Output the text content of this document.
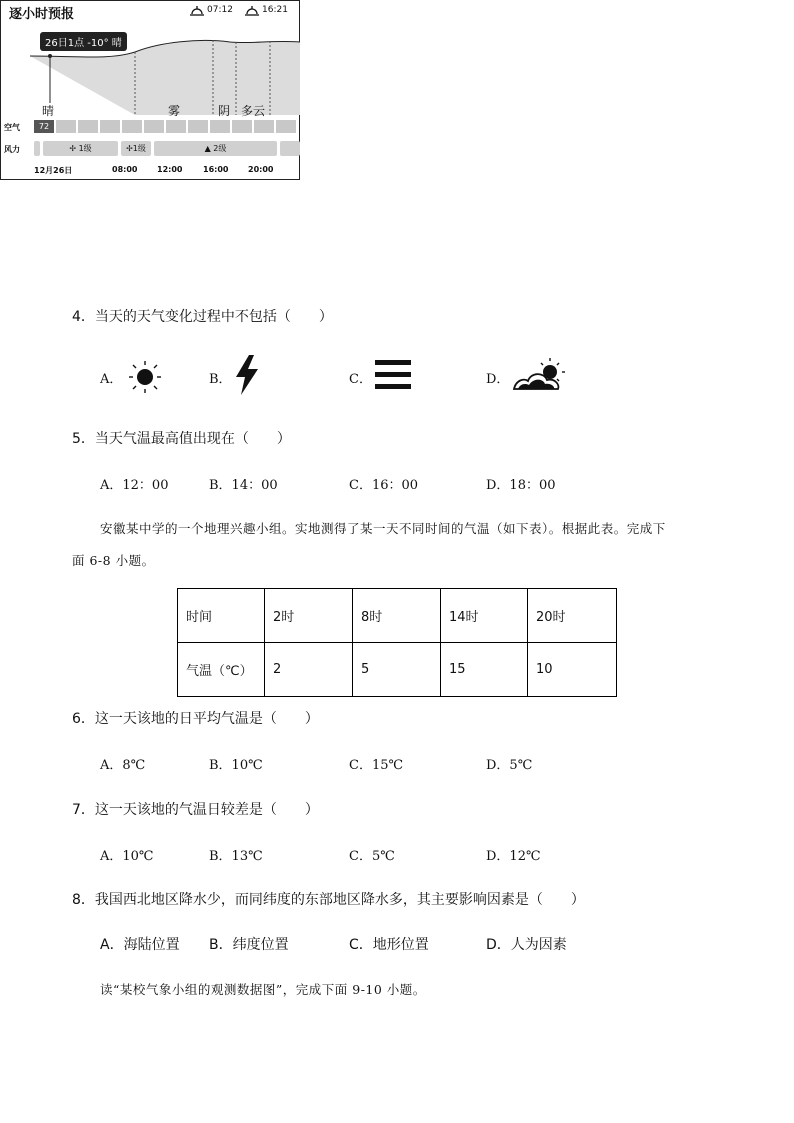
逐小时预报	07:12	16:21
26日1点 -10° 晴
晴	雾	阴 多云
空气	72
风力	✢ 1级	✢1级	▲ 2级
12月26日	08:00 12:00	16:00 20:00
4．当天的天气变化过程中不包括（　　）
A．	B．	C．	D．
5．当天气温最高值出现在（　　）
A．12：00	B．14：00	C．16：00	D．18：00
安徽某中学的一个地理兴趣小组。实地测得了某一天不同时间的气温（如下表）。根据此表。完成下
面 6-8 小题。
时间	2时	8时	14时	20时
气温（℃）	2	5	15	10
6．这一天该地的日平均气温是（　　）
A．8℃	B．10℃	C．15℃	D．5℃
7．这一天该地的气温日较差是（　　）
A．10℃	B．13℃	C．5℃	D．12℃
8．我国西北地区降水少，而同纬度的东部地区降水多，其主要影响因素是（　　）
A．海陆位置 B．纬度位置	C．地形位置	D．人为因素
读“某校气象小组的观测数据图”，完成下面 9-10 小题。
